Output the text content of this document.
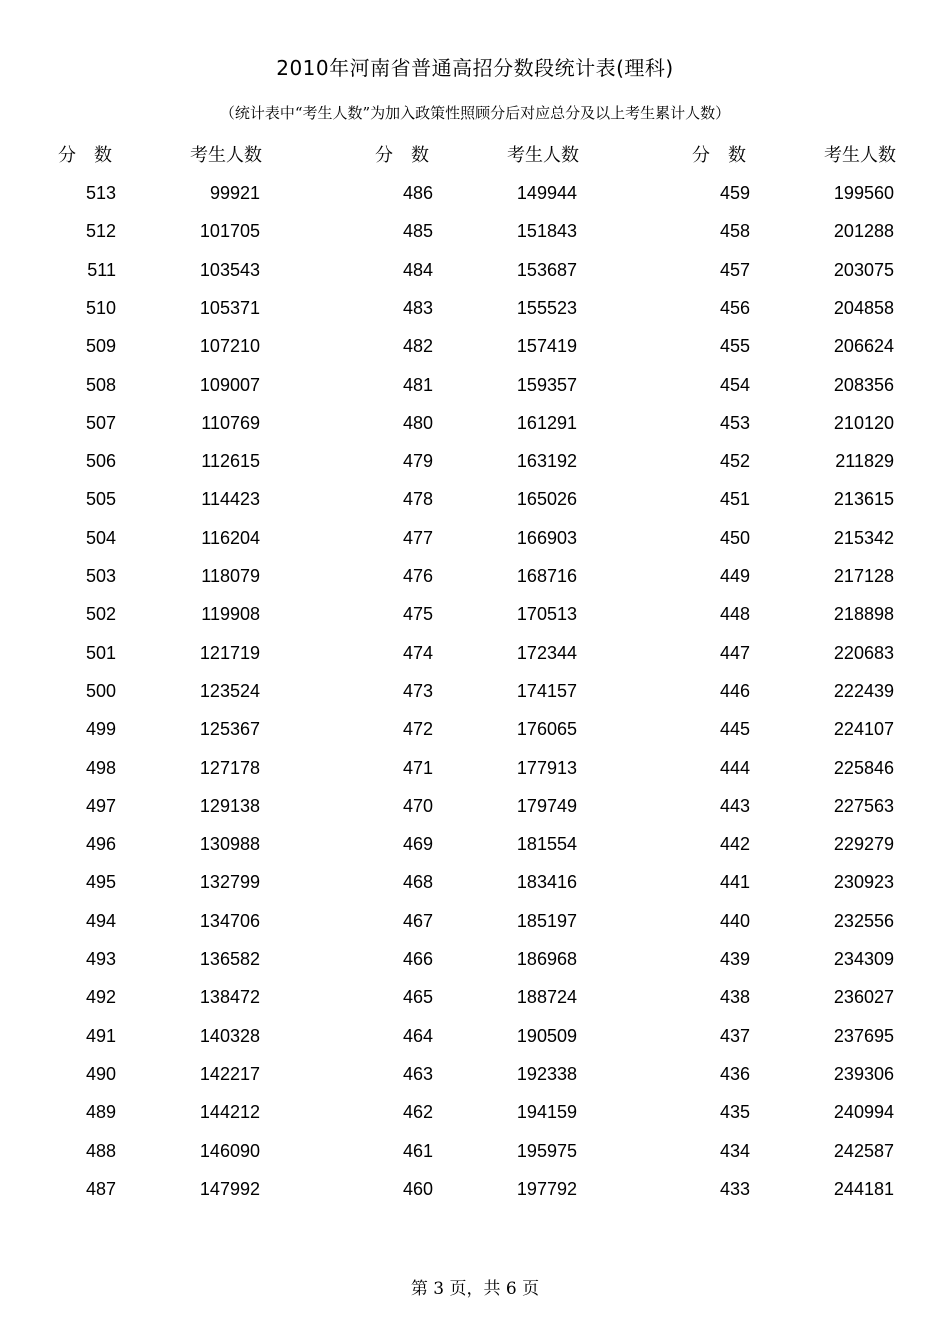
2010年河南省普通高招分数段统计表(理科)
（统计表中“考生人数”为加入政策性照顾分后对应总分及以上考生累计人数）
分　数	考生人数
513	99921
512	101705
511	103543
510	105371
509	107210
508	109007
507	110769
506	112615
505	114423
504	116204
503	118079
502	119908
501	121719
500	123524
499	125367
498	127178
497	129138
496	130988
495	132799
494	134706
493	136582
492	138472
491	140328
490	142217
489	144212
488	146090
487	147992
分　数	考生人数
486	149944
485	151843
484	153687
483	155523
482	157419
481	159357
480	161291
479	163192
478	165026
477	166903
476	168716
475	170513
474	172344
473	174157
472	176065
471	177913
470	179749
469	181554
468	183416
467	185197
466	186968
465	188724
464	190509
463	192338
462	194159
461	195975
460	197792
分　数	考生人数
459	199560
458	201288
457	203075
456	204858
455	206624
454	208356
453	210120
452	211829
451	213615
450	215342
449	217128
448	218898
447	220683
446	222439
445	224107
444	225846
443	227563
442	229279
441	230923
440	232556
439	234309
438	236027
437	237695
436	239306
435	240994
434	242587
433	244181
第 3 页，共 6 页
